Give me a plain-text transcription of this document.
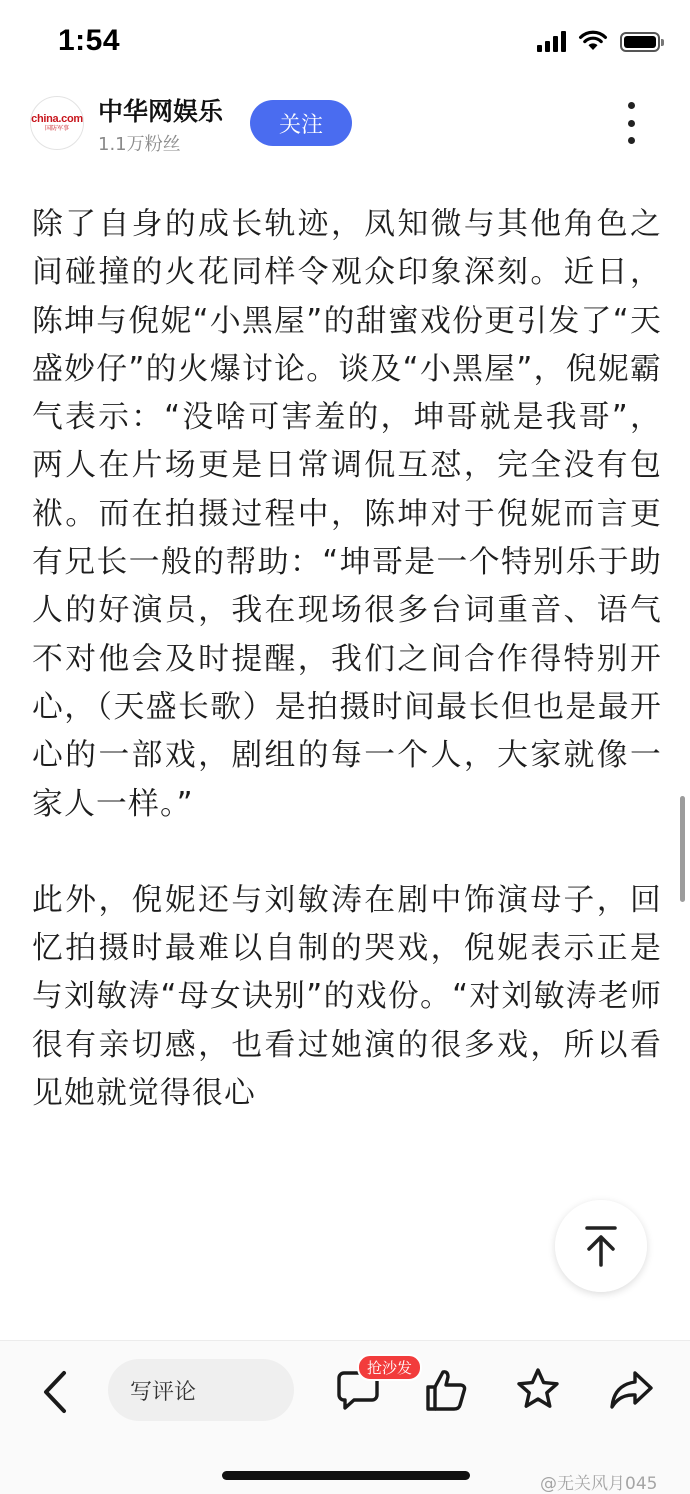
1:54
china.com
国防军事
中华网娱乐
1.1万粉丝
关注

除了自身的成长轨迹，凤知微与其他角色之间碰撞的火花同样令观众印象深刻。近日，陈坤与倪妮“小黑屋”的甜蜜戏份更引发了“天盛妙仔”的火爆讨论。谈及“小黑屋”，倪妮霸气表示：“没啥可害羞的，坤哥就是我哥”，两人在片场更是日常调侃互怼，完全没有包袱。而在拍摄过程中，陈坤对于倪妮而言更有兄长一般的帮助：“坤哥是一个特别乐于助人的好演员，我在现场很多台词重音、语气不对他会及时提醒，我们之间合作得特别开心，（天盛长歌）是拍摄时间最长但也是最开心的一部戏，剧组的每一个人，大家就像一家人一样。”

此外，倪妮还与刘敏涛在剧中饰演母子，回忆拍摄时最难以自制的哭戏，倪妮表示正是与刘敏涛“母女诀别”的戏份。“对刘敏涛老师很有亲切感，也看过她演的很多戏，所以看见她就觉得很心

写评论
抢沙发
@无关风月045
